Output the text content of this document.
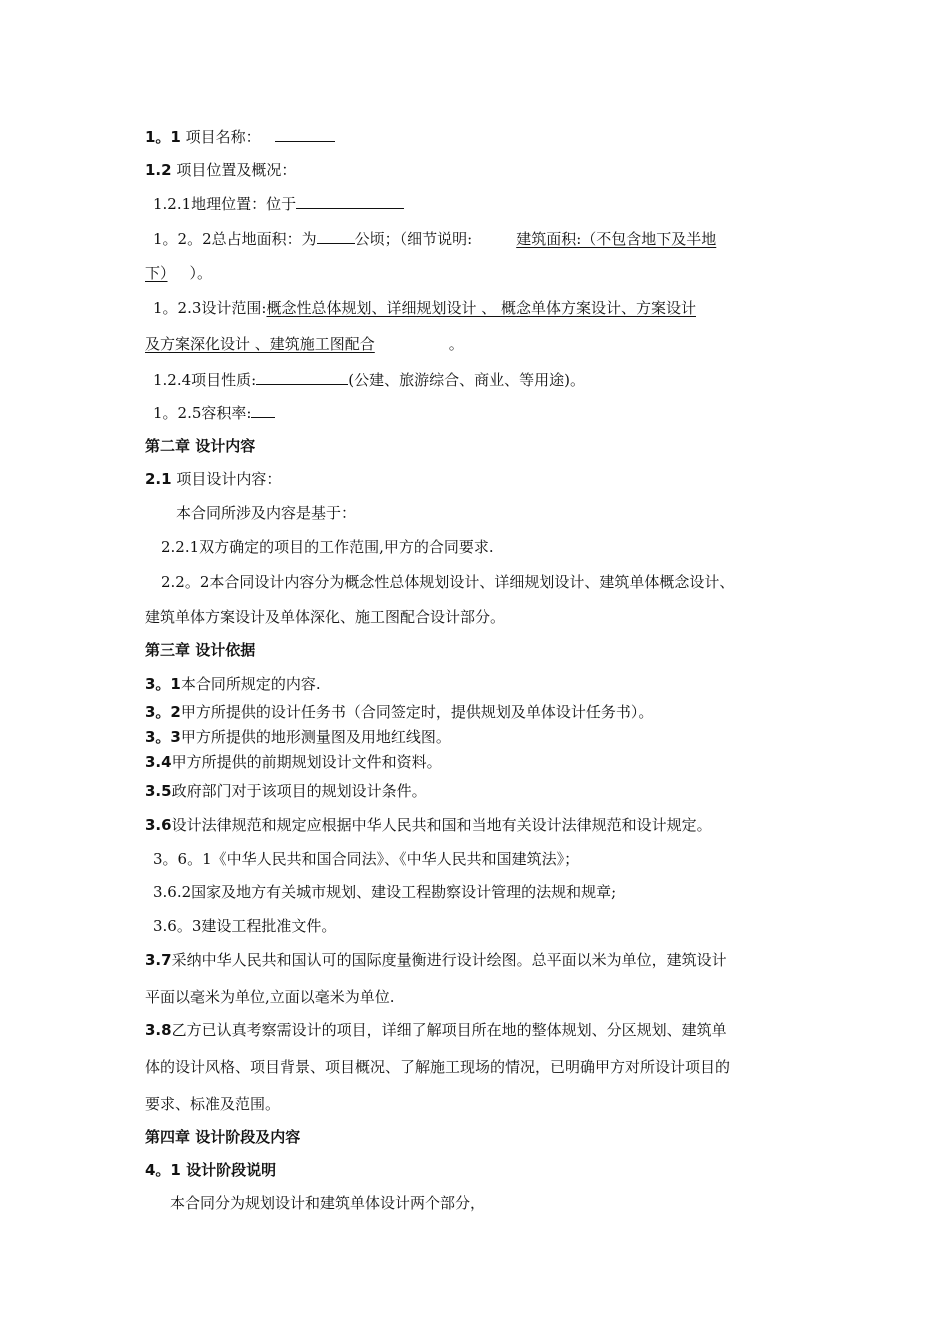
1。1 项目名称：
1.2 项目位置及概况：
1.2.1地理位置：位于
1。2。2总占地面积：为	公顷；（细节说明:	建筑面积:（不包含地下及半地
下） ）。
1。2.3设计范围:概念性总体规划、详细规划设计 、 概念单体方案设计、方案设计
及方案深化设计 、建筑施工图配合	。
1.2.4项目性质:	(公建、旅游综合、商业、等用途)。
1。2.5容积率:
第二章 设计内容
2.1 项目设计内容：
本合同所涉及内容是基于：
2.2.1双方确定的项目的工作范围,甲方的合同要求.
2.2。2本合同设计内容分为概念性总体规划设计、详细规划设计、建筑单体概念设计、
建筑单体方案设计及单体深化、施工图配合设计部分。
第三章 设计依据
3。1本合同所规定的内容.
3。2甲方所提供的设计任务书（合同签定时，提供规划及单体设计任务书）。
3。3甲方所提供的地形测量图及用地红线图。
3.4甲方所提供的前期规划设计文件和资料。
3.5政府部门对于该项目的规划设计条件。
3.6设计法律规范和规定应根据中华人民共和国和当地有关设计法律规范和设计规定。
3。6。1《中华人民共和国合同法》、《中华人民共和国建筑法》；
3.6.2国家及地方有关城市规划、建设工程勘察设计管理的法规和规章;
3.6。3建设工程批准文件。
3.7采纳中华人民共和国认可的国际度量衡进行设计绘图。总平面以米为单位，建筑设计
平面以毫米为单位,立面以毫米为单位.
3.8乙方已认真考察需设计的项目，详细了解项目所在地的整体规划、分区规划、建筑单
体的设计风格、项目背景、项目概况、了解施工现场的情况，已明确甲方对所设计项目的
要求、标准及范围。
第四章 设计阶段及内容
4。1 设计阶段说明
本合同分为规划设计和建筑单体设计两个部分，
